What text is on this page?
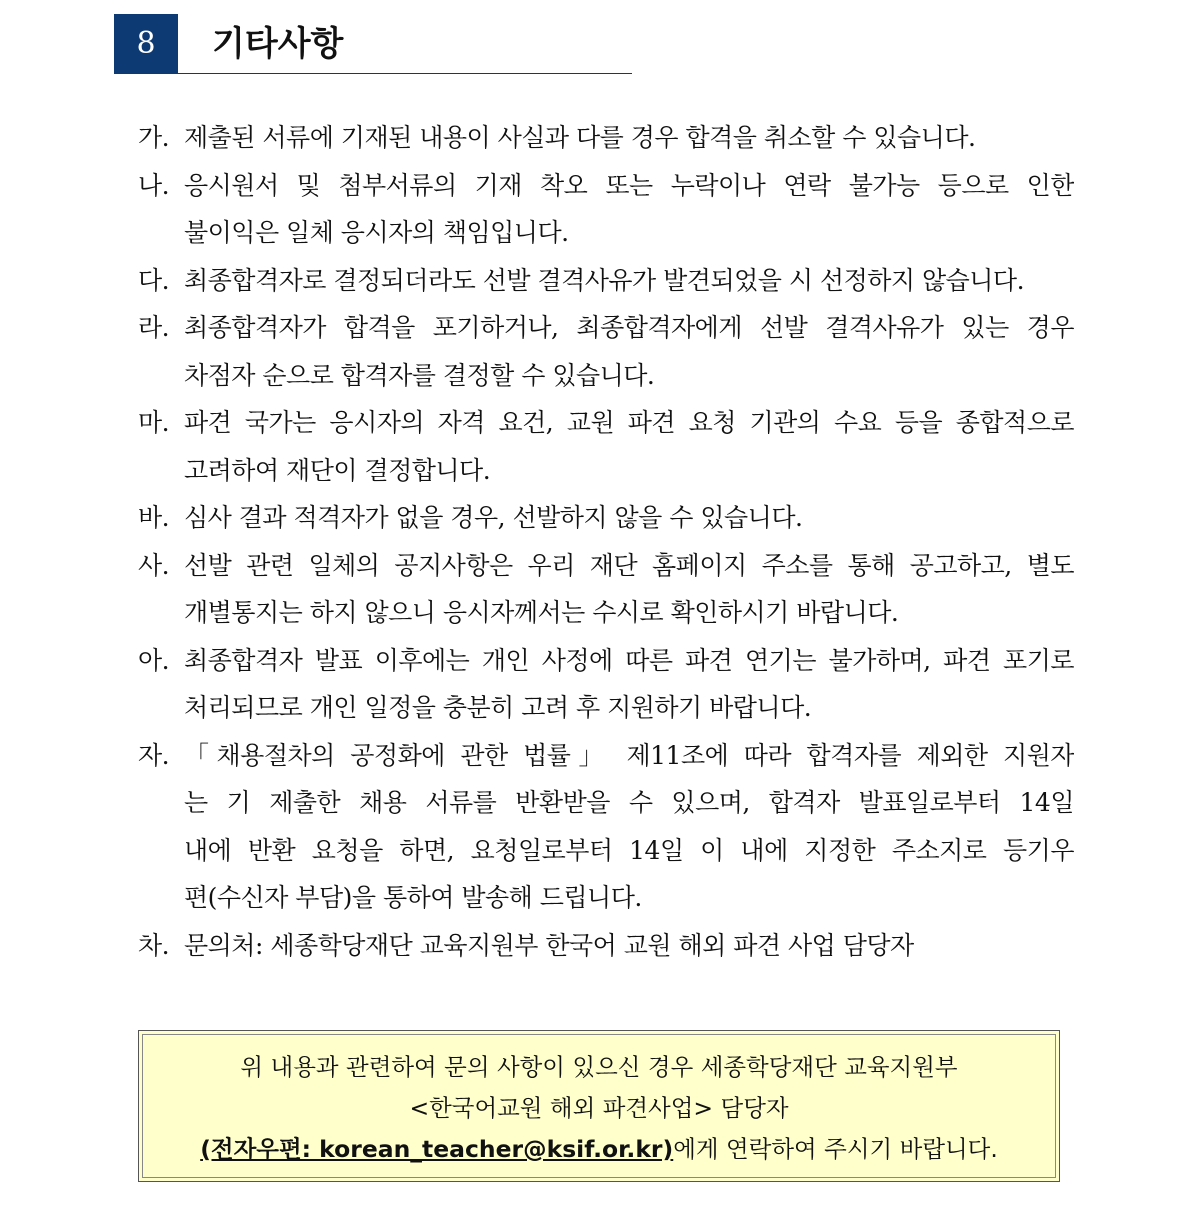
8	기타사항
가. 제출된 서류에 기재된 내용이 사실과 다를 경우 합격을 취소할 수 있습니다.
나. 응시원서 및 첨부서류의 기재 착오 또는 누락이나 연락 불가능 등으로 인한
불이익은 일체 응시자의 책임입니다.
다. 최종합격자로 결정되더라도 선발 결격사유가 발견되었을 시 선정하지 않습니다.
라. 최종합격자가 합격을 포기하거나, 최종합격자에게 선발 결격사유가 있는 경우
차점자 순으로 합격자를 결정할 수 있습니다.
마. 파견 국가는 응시자의 자격 요건, 교원 파견 요청 기관의 수요 등을 종합적으로
고려하여 재단이 결정합니다.
바. 심사 결과 적격자가 없을 경우, 선발하지 않을 수 있습니다.
사. 선발 관련 일체의 공지사항은 우리 재단 홈페이지 주소를 통해 공고하고, 별도
개별통지는 하지 않으니 응시자께서는 수시로 확인하시기 바랍니다.
아. 최종합격자 발표 이후에는 개인 사정에 따른 파견 연기는 불가하며, 파견 포기로
처리되므로 개인 일정을 충분히 고려 후 지원하기 바랍니다.
자. 「채용절차의 공정화에 관한 법률」 제11조에 따라 합격자를 제외한 지원자
는 기 제출한 채용 서류를 반환받을 수 있으며, 합격자 발표일로부터 14일
내에 반환 요청을 하면, 요청일로부터 14일 이 내에 지정한 주소지로 등기우
편(수신자 부담)을 통하여 발송해 드립니다.
차. 문의처: 세종학당재단 교육지원부 한국어 교원 해외 파견 사업 담당자
위 내용과 관련하여 문의 사항이 있으신 경우 세종학당재단 교육지원부
<한국어교원 해외 파견사업> 담당자
(전자우편: korean_teacher@ksif.or.kr)에게 연락하여 주시기 바랍니다.
